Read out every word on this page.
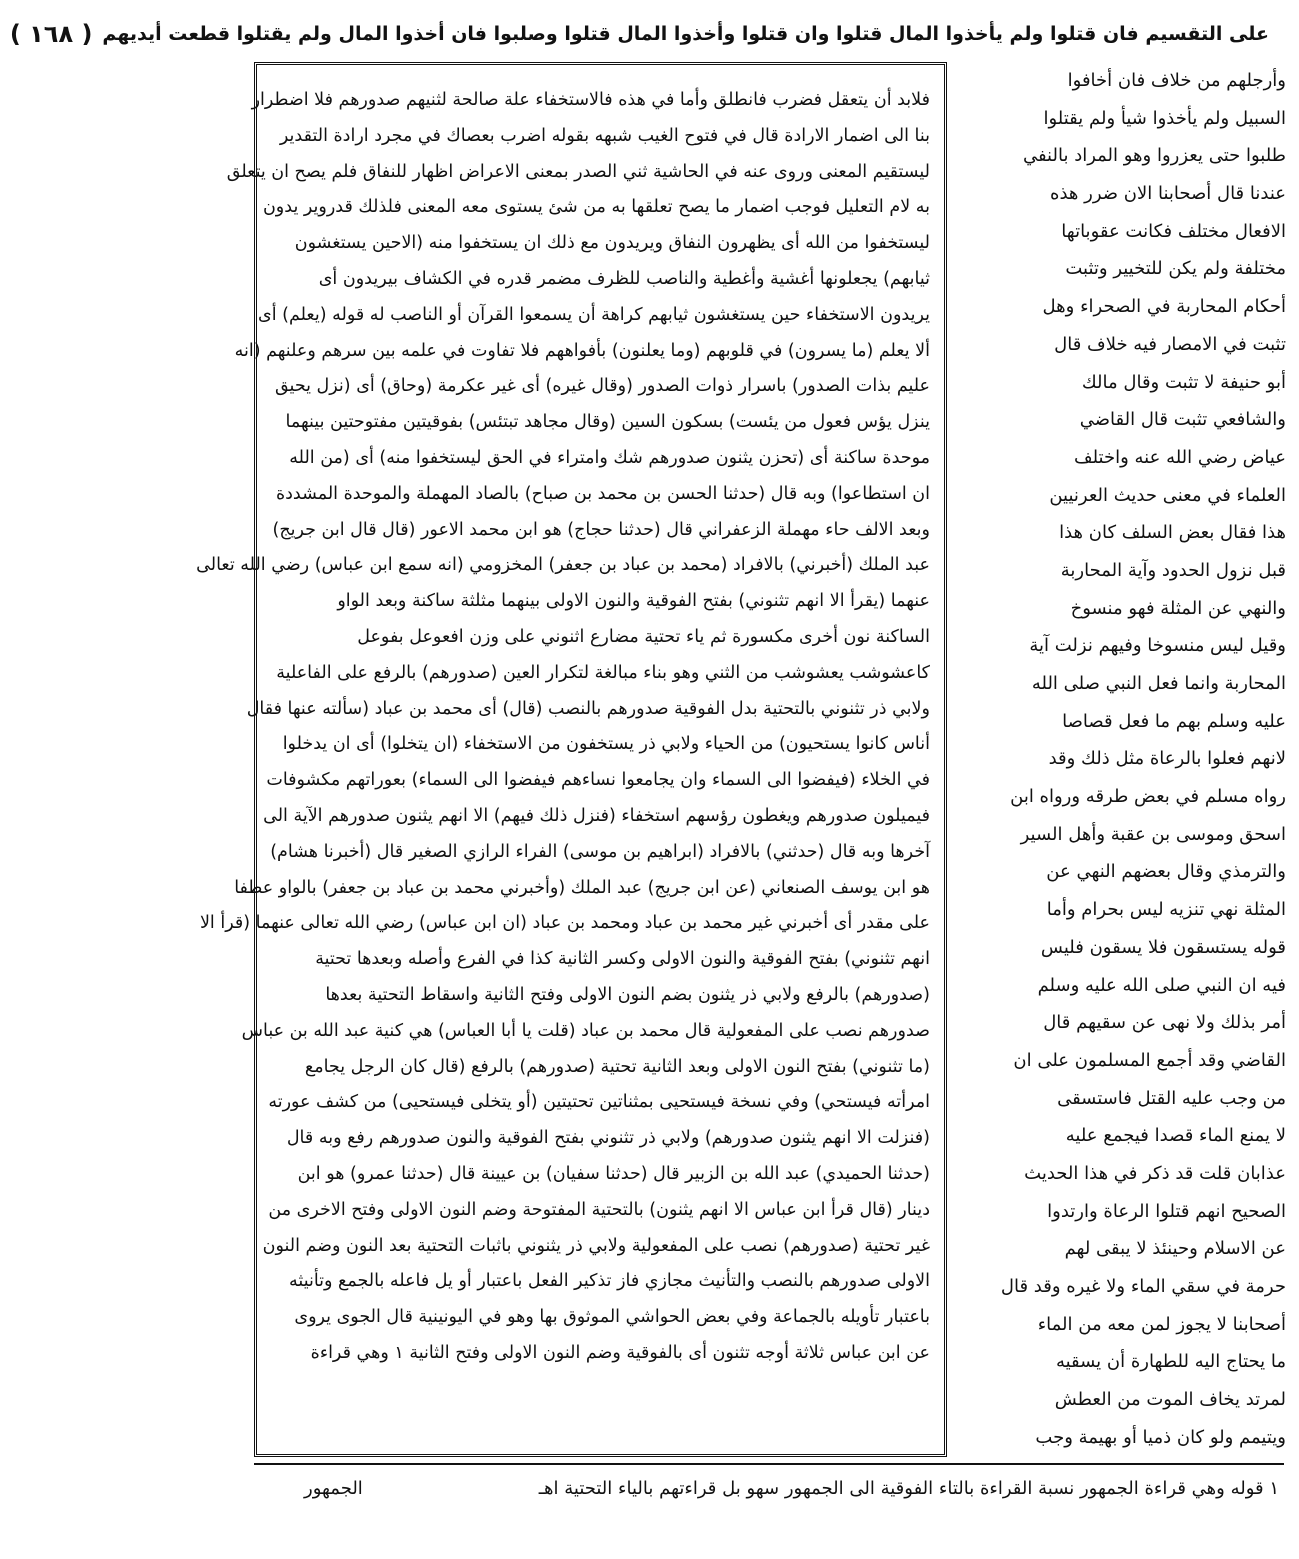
على التقسيم فان قتلوا ولم يأخذوا المال قتلوا وان قتلوا وأخذوا المال قتلوا وصلبوا فان أخذوا المال ولم يقتلوا قطعت أيديهم
( ١٦٨ )
فلابد أن يتعقل فضرب فانطلق وأما في هذه فالاستخفاء علة صالحة لثنيهم صدورهم فلا اضطرار
بنا الى اضمار الارادة قال في فتوح الغيب شبهه بقوله اضرب بعصاك في مجرد ارادة التقدير
ليستقيم المعنى وروى عنه في الحاشية ثني الصدر بمعنى الاعراض اظهار للنفاق فلم يصح ان يتعلق
به لام التعليل فوجب اضمار ما يصح تعلقها به من شئ يستوى معه المعنى فلذلك قدروير يدون
ليستخفوا من الله أى يظهرون النفاق ويريدون مع ذلك ان يستخفوا منه (الاحين يستغشون
ثيابهم) يجعلونها أغشية وأغطية والناصب للظرف مضمر قدره في الكشاف بيريدون أى
يريدون الاستخفاء حين يستغشون ثيابهم كراهة أن يسمعوا القرآن أو الناصب له قوله (يعلم) أى
ألا يعلم (ما يسرون) في قلوبهم (وما يعلنون) بأفواههم فلا تفاوت في علمه بين سرهم وعلنهم (انه
عليم بذات الصدور) باسرار ذوات الصدور (وقال غيره) أى غير عكرمة (وحاق) أى (نزل يحيق
ينزل يؤس فعول من يئست) بسكون السين (وقال مجاهد تبتئس) بفوقيتين مفتوحتين بينهما
موحدة ساكنة أى (تحزن يثنون صدورهم شك وامتراء في الحق ليستخفوا منه) أى (من الله
ان استطاعوا) وبه قال (حدثنا الحسن بن محمد بن صباح) بالصاد المهملة والموحدة المشددة
وبعد الالف حاء مهملة الزعفراني قال (حدثنا حجاج) هو ابن محمد الاعور (قال قال ابن جريج)
عبد الملك (أخبرني) بالافراد (محمد بن عباد بن جعفر) المخزومي (انه سمع ابن عباس) رضي الله تعالى
عنهما (يقرأ الا انهم تثنوني) بفتح الفوقية والنون الاولى بينهما مثلثة ساكنة وبعد الواو
الساكنة نون أخرى مكسورة ثم ياء تحتية مضارع اثنوني على وزن افعوعل بفوعل
كاعشوشب يعشوشب من الثني وهو بناء مبالغة لتكرار العين (صدورهم) بالرفع على الفاعلية
ولابي ذر تثنوني بالتحتية بدل الفوقية صدورهم بالنصب (قال) أى محمد بن عباد (سألته عنها فقال
أناس كانوا يستحيون) من الحياء ولابي ذر يستخفون من الاستخفاء (ان يتخلوا) أى ان يدخلوا
في الخلاء (فيفضوا الى السماء وان يجامعوا نساءهم فيفضوا الى السماء) بعوراتهم مكشوفات
فيميلون صدورهم ويغطون رؤسهم استخفاء (فنزل ذلك فيهم) الا انهم يثنون صدورهم الآية الى
آخرها وبه قال (حدثني) بالافراد (ابراهيم بن موسى) الفراء الرازي الصغير قال (أخبرنا هشام)
هو ابن يوسف الصنعاني (عن ابن جريج) عبد الملك (وأخبرني محمد بن عباد بن جعفر) بالواو عطفا
على مقدر أى أخبرني غير محمد بن عباد ومحمد بن عباد (ان ابن عباس) رضي الله تعالى عنهما (قرأ الا
انهم تثنوني) بفتح الفوقية والنون الاولى وكسر الثانية كذا في الفرع وأصله وبعدها تحتية
(صدورهم) بالرفع ولابي ذر يثنون بضم النون الاولى وفتح الثانية واسقاط التحتية بعدها
صدورهم نصب على المفعولية قال محمد بن عباد (قلت يا أبا العباس) هي كنية عبد الله بن عباس
(ما تثنوني) بفتح النون الاولى وبعد الثانية تحتية (صدورهم) بالرفع (قال كان الرجل يجامع
امرأته فيستحي) وفي نسخة فيستحيى بمثناتين تحتيتين (أو يتخلى فيستحيى) من كشف عورته
(فنزلت الا انهم يثنون صدورهم) ولابي ذر تثنوني بفتح الفوقية والنون صدورهم رفع وبه قال
(حدثنا الحميدي) عبد الله بن الزبير قال (حدثنا سفيان) بن عيينة قال (حدثنا عمرو) هو ابن
دينار (قال قرأ ابن عباس الا انهم يثنون) بالتحتية المفتوحة وضم النون الاولى وفتح الاخرى من
غير تحتية (صدورهم) نصب على المفعولية ولابي ذر يثنوني باثبات التحتية بعد النون وضم النون
الاولى صدورهم بالنصب والتأنيث مجازي فاز تذكير الفعل باعتبار أو يل فاعله بالجمع وتأنيثه
باعتبار تأويله بالجماعة وفي بعض الحواشي الموثوق بها وهو في اليونينية قال الجوى يروى
عن ابن عباس ثلاثة أوجه تثنون أى بالفوقية وضم النون الاولى وفتح الثانية ١ وهي قراءة
وأرجلهم من خلاف فان أخافوا
السبيل ولم يأخذوا شيأ ولم يقتلوا
طلبوا حتى يعزروا وهو المراد بالنفي
عندنا قال أصحابنا الان ضرر هذه
الافعال مختلف فكانت عقوباتها
مختلفة ولم يكن للتخيير وتثبت
أحكام المحاربة في الصحراء وهل
تثبت في الامصار فيه خلاف قال
أبو حنيفة لا تثبت وقال مالك
والشافعي تثبت قال القاضي
عياض رضي الله عنه واختلف
العلماء في معنى حديث العرنيين
هذا فقال بعض السلف كان هذا
قبل نزول الحدود وآية المحاربة
والنهي عن المثلة فهو منسوخ
وقيل ليس منسوخا وفيهم نزلت آية
المحاربة وانما فعل النبي صلى الله
عليه وسلم بهم ما فعل قصاصا
لانهم فعلوا بالرعاة مثل ذلك وقد
رواه مسلم في بعض طرقه ورواه ابن
اسحق وموسى بن عقبة وأهل السير
والترمذي وقال بعضهم النهي عن
المثلة نهي تنزيه ليس بحرام وأما
قوله يستسقون فلا يسقون فليس
فيه ان النبي صلى الله عليه وسلم
أمر بذلك ولا نهى عن سقيهم قال
القاضي وقد أجمع المسلمون على ان
من وجب عليه القتل فاستسقى
لا يمنع الماء قصدا فيجمع عليه
عذابان قلت قد ذكر في هذا الحديث
الصحيح انهم قتلوا الرعاة وارتدوا
عن الاسلام وحينئذ لا يبقى لهم
حرمة في سقي الماء ولا غيره وقد قال
أصحابنا لا يجوز لمن معه من الماء
ما يحتاج اليه للطهارة أن يسقيه
لمرتد يخاف الموت من العطش
ويتيمم ولو كان ذميا أو بهيمة وجب
١ قوله وهي قراءة الجمهور نسبة القراءة بالتاء الفوقية الى الجمهور سهو بل قراءتهم بالياء التحتية اهـ
الجمهور
